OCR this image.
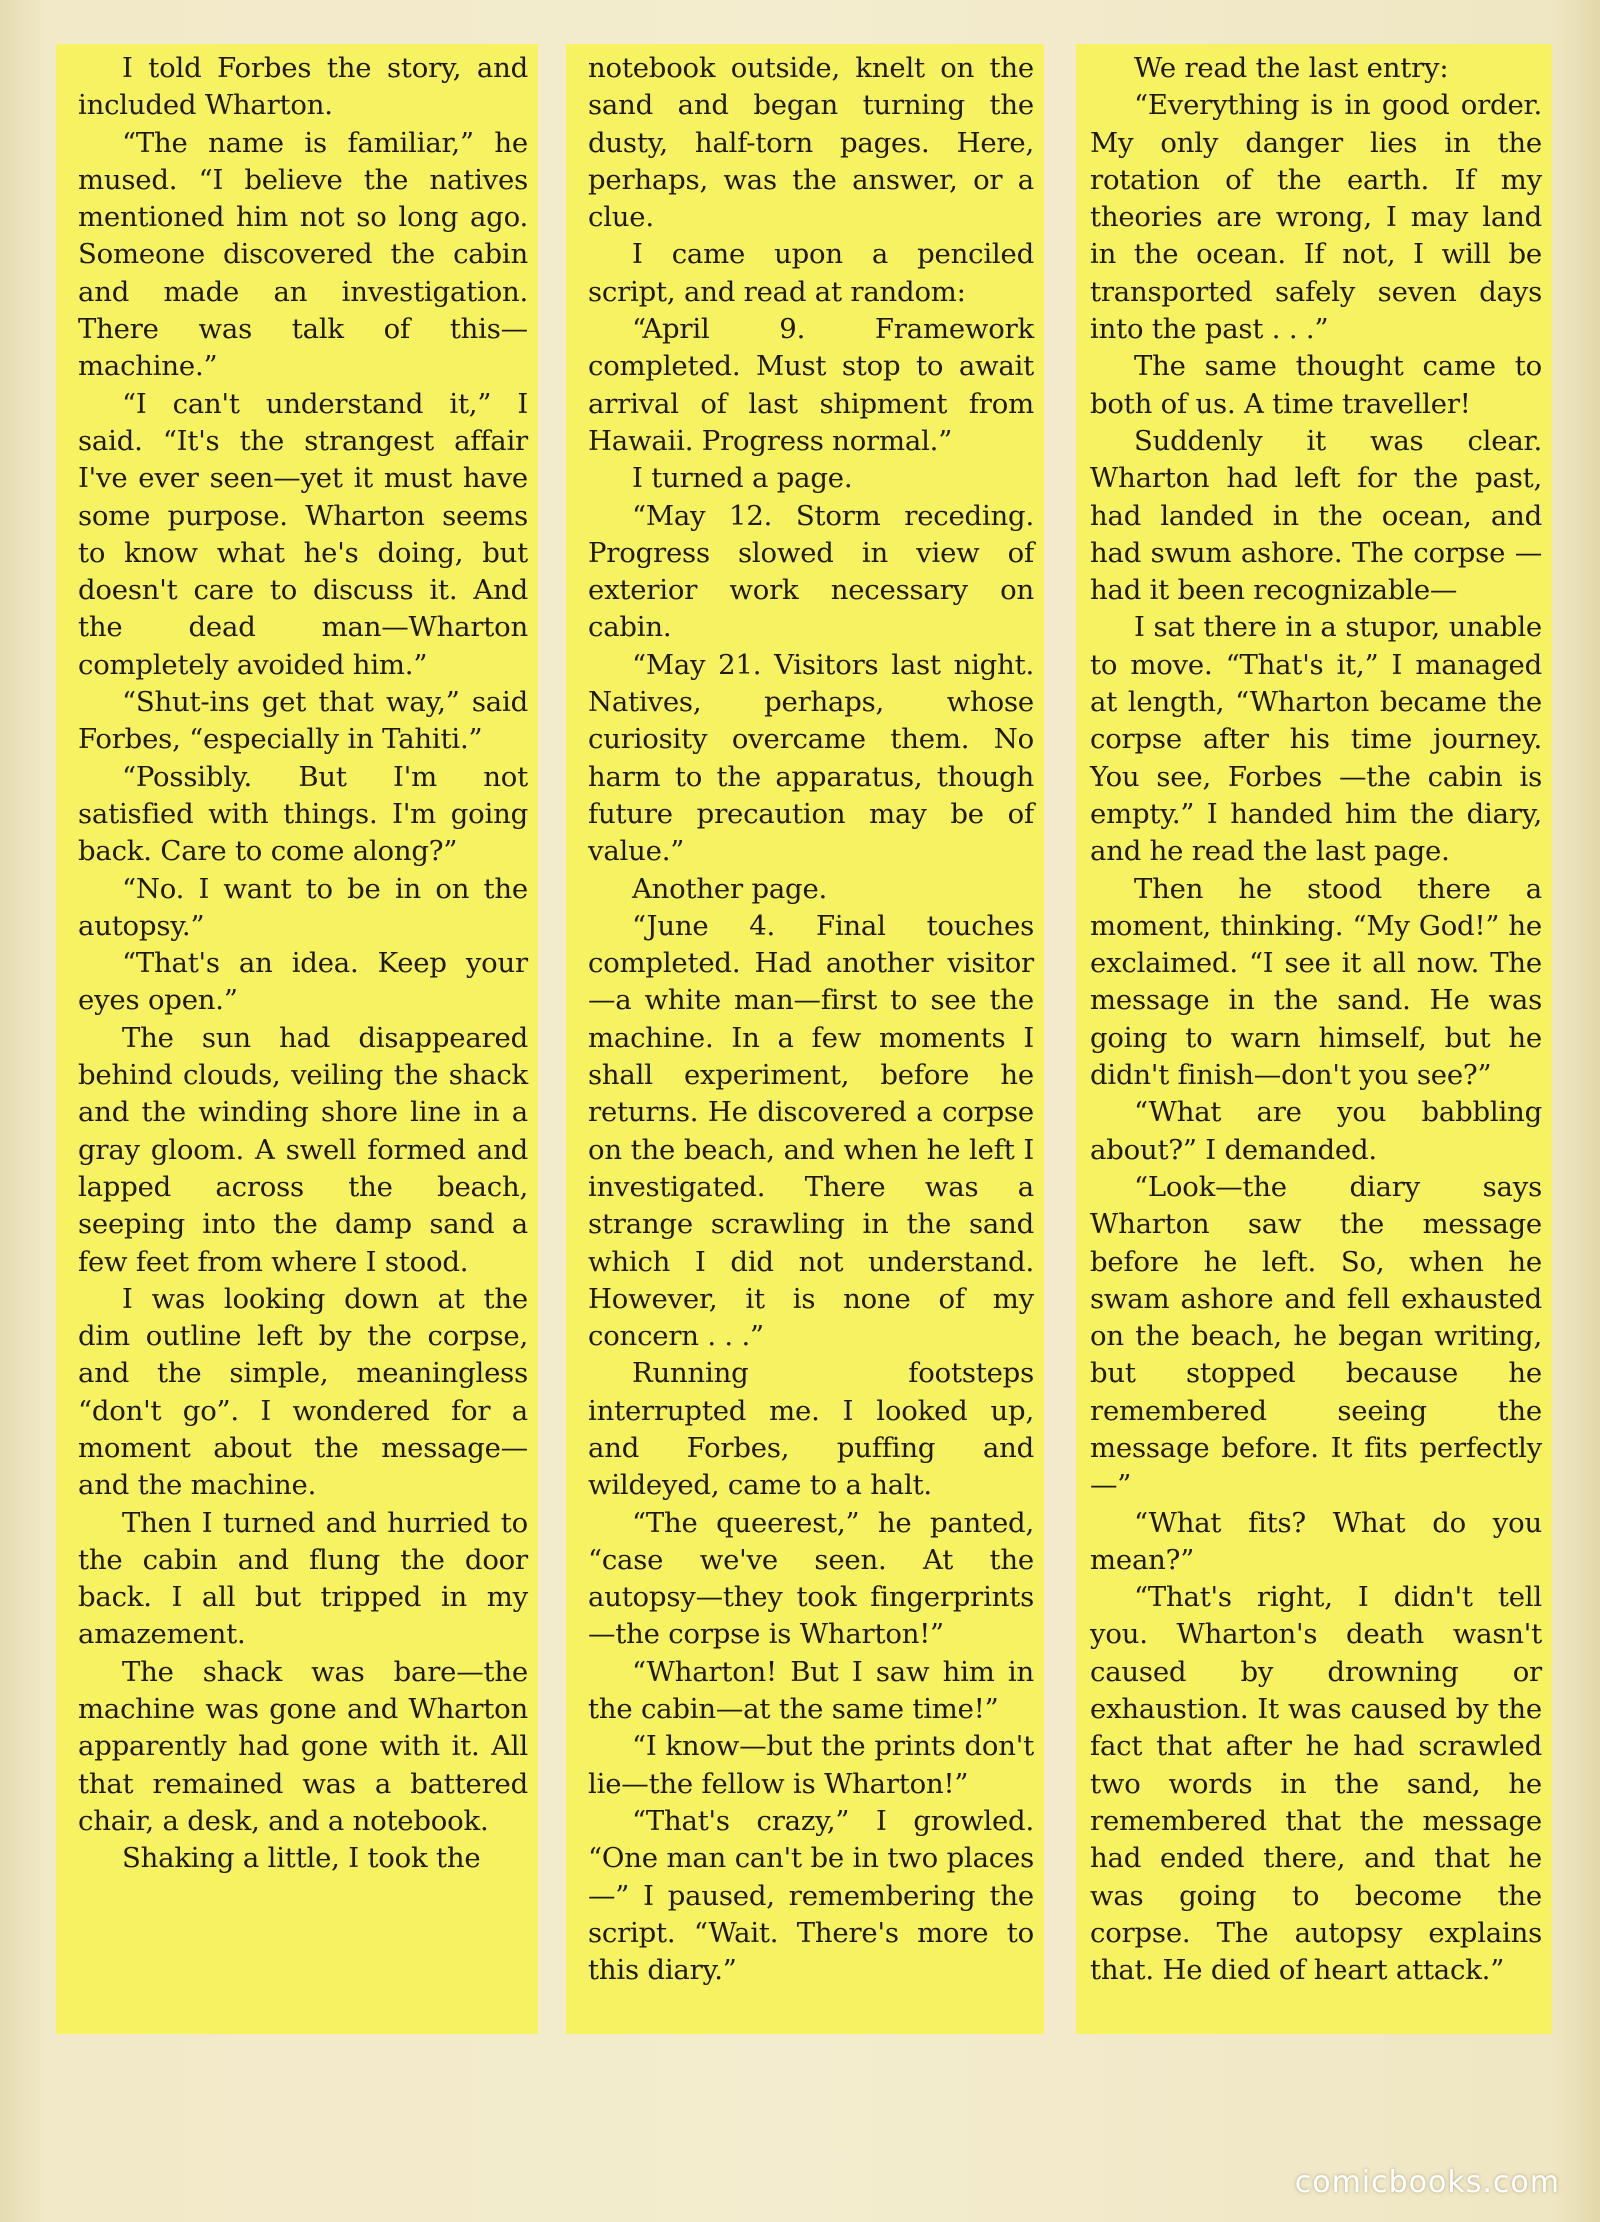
I told Forbes the story, and included Wharton.

“The name is familiar,” he mused. “I believe the natives mentioned him not so long ago. Someone discovered the cabin and made an investigation. There was talk of this—machine.”

“I can't understand it,” I said. “It's the strangest affair I've ever seen—yet it must have some purpose. Wharton seems to know what he's doing, but doesn't care to discuss it. And the dead man—Wharton completely avoided him.”

“Shut-ins get that way,” said Forbes, “especially in Tahiti.”

“Possibly. But I'm not satisfied with things. I'm going back. Care to come along?”

“No. I want to be in on the autopsy.”

“That's an idea. Keep your eyes open.”

The sun had disappeared behind clouds, veiling the shack and the winding shore line in a gray gloom. A swell formed and lapped across the beach, seeping into the damp sand a few feet from where I stood.

I was looking down at the dim outline left by the corpse, and the simple, meaningless “don't go”. I wondered for a moment about the message—and the machine.

Then I turned and hurried to the cabin and flung the door back. I all but tripped in my amazement.

The shack was bare—the machine was gone and Wharton apparently had gone with it. All that remained was a battered chair, a desk, and a notebook.

Shaking a little, I took the

notebook outside, knelt on the sand and began turning the dusty, half-torn pages. Here, perhaps, was the answer, or a clue.

I came upon a penciled script, and read at random:

“April 9. Framework completed. Must stop to await arrival of last shipment from Hawaii. Progress normal.”

I turned a page.

“May 12. Storm receding. Progress slowed in view of exterior work necessary on cabin.

“May 21. Visitors last night. Natives, perhaps, whose curiosity overcame them. No harm to the apparatus, though future precaution may be of value.”

Another page.

“June 4. Final touches completed. Had another visitor—a white man—first to see the machine. In a few moments I shall experiment, before he returns. He discovered a corpse on the beach, and when he left I investigated. There was a strange scrawling in the sand which I did not understand. However, it is none of my concern . . .”

Running footsteps interrupted me. I looked up, and Forbes, puffing and wildeyed, came to a halt.

“The queerest,” he panted, “case we've seen. At the autopsy—they took fingerprints —the corpse is Wharton!”

“Wharton! But I saw him in the cabin—at the same time!”

“I know—but the prints don't lie—the fellow is Wharton!”

“That's crazy,” I growled. “One man can't be in two places—” I paused, remembering the script. “Wait. There's more to this diary.”

We read the last entry:

“Everything is in good order. My only danger lies in the rotation of the earth. If my theories are wrong, I may land in the ocean. If not, I will be transported safely seven days into the past . . .”

The same thought came to both of us. A time traveller!

Suddenly it was clear. Wharton had left for the past, had landed in the ocean, and had swum ashore. The corpse —had it been recognizable—

I sat there in a stupor, unable to move. “That's it,” I managed at length, “Wharton became the corpse after his time journey. You see, Forbes —the cabin is empty.” I handed him the diary, and he read the last page.

Then he stood there a moment, thinking. “My God!” he exclaimed. “I see it all now. The message in the sand. He was going to warn himself, but he didn't finish—don't you see?”

“What are you babbling about?” I demanded.

“Look—the diary says Wharton saw the message before he left. So, when he swam ashore and fell exhausted on the beach, he began writing, but stopped because he remembered seeing the message before. It fits perfectly—”

“What fits? What do you mean?”

“That's right, I didn't tell you. Wharton's death wasn't caused by drowning or exhaustion. It was caused by the fact that after he had scrawled two words in the sand, he remembered that the message had ended there, and that he was going to become the corpse. The autopsy explains that. He died of heart attack.”

comicbooks.com
